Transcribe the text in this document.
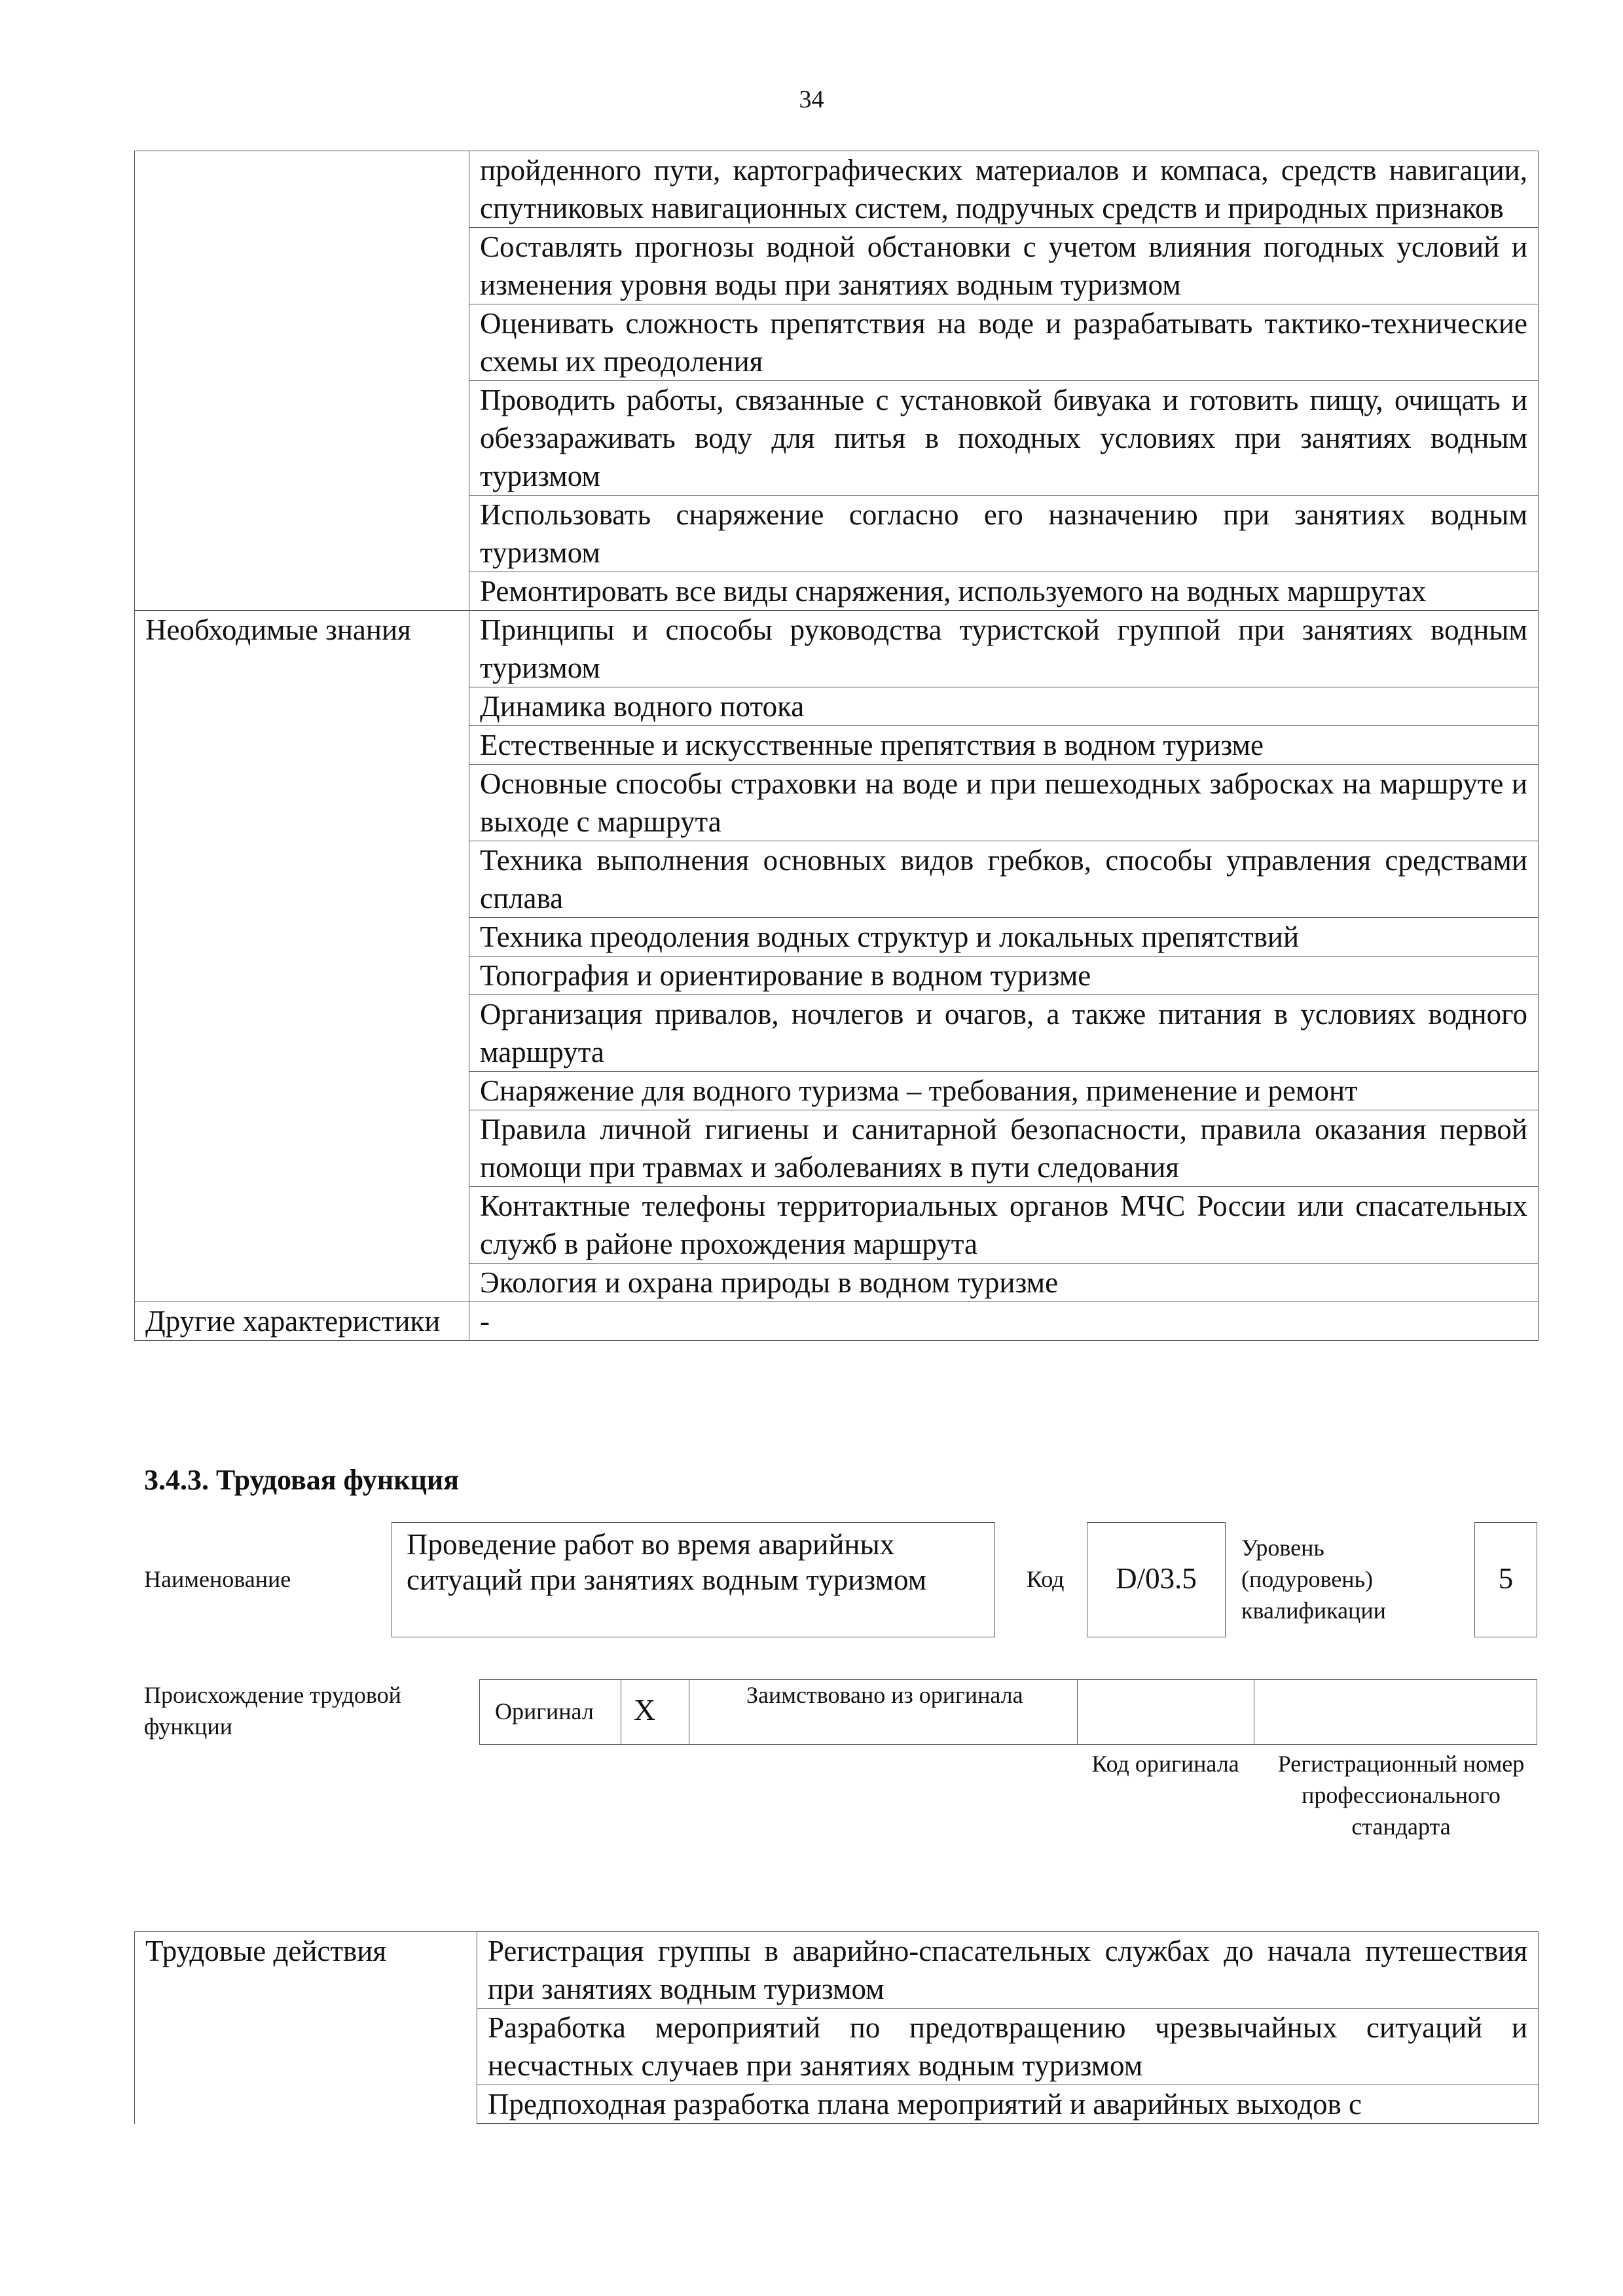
34
	пройденного пути, картографических материалов и компаса, средств навигации, спутниковых навигационных систем, подручных средств и природных признаков
	Составлять прогнозы водной обстановки с учетом влияния погодных условий и изменения уровня воды при занятиях водным туризмом
	Оценивать сложность препятствия на воде и разрабатывать тактико-технические схемы их преодоления
	Проводить работы, связанные с установкой бивуака и готовить пищу, очищать и обеззараживать воду для питья в походных условиях при занятиях водным туризмом
	Использовать снаряжение согласно его назначению при занятиях водным туризмом
	Ремонтировать все виды снаряжения, используемого на водных маршрутах
Необходимые знания	Принципы и способы руководства туристской группой при занятиях водным туризмом
	Динамика водного потока
	Естественные и искусственные препятствия в водном туризме
	Основные способы страховки на воде и при пешеходных забросках на маршруте и выходе с маршрута
	Техника выполнения основных видов гребков, способы управления средствами сплава
	Техника преодоления водных структур и локальных препятствий
	Топография и ориентирование в водном туризме
	Организация привалов, ночлегов и очагов, а также питания в условиях водного маршрута
	Снаряжение для водного туризма – требования, применение и ремонт
	Правила личной гигиены и санитарной безопасности, правила оказания первой помощи при травмах и заболеваниях в пути следования
	Контактные телефоны территориальных органов МЧС России или спасательных служб в районе прохождения маршрута
	Экология и охрана природы в водном туризме
Другие характеристики	-
3.4.3. Трудовая функция
Наименование
Проведение работ во время аварийных ситуаций при занятиях водным туризмом	Код	D/03.5
Уровень (подуровень) квалификации
5
Происхождение трудовой функции
Оригинал X	Заимствовано из оригинала
Код оригинала	Регистрационный номер профессионального стандарта
Трудовые действия	Регистрация группы в аварийно-спасательных службах до начала путешествия при занятиях водным туризмом
Разработка мероприятий по предотвращению чрезвычайных ситуаций и несчастных случаев при занятиях водным туризмом
Предпоходная разработка плана мероприятий и аварийных выходов с
